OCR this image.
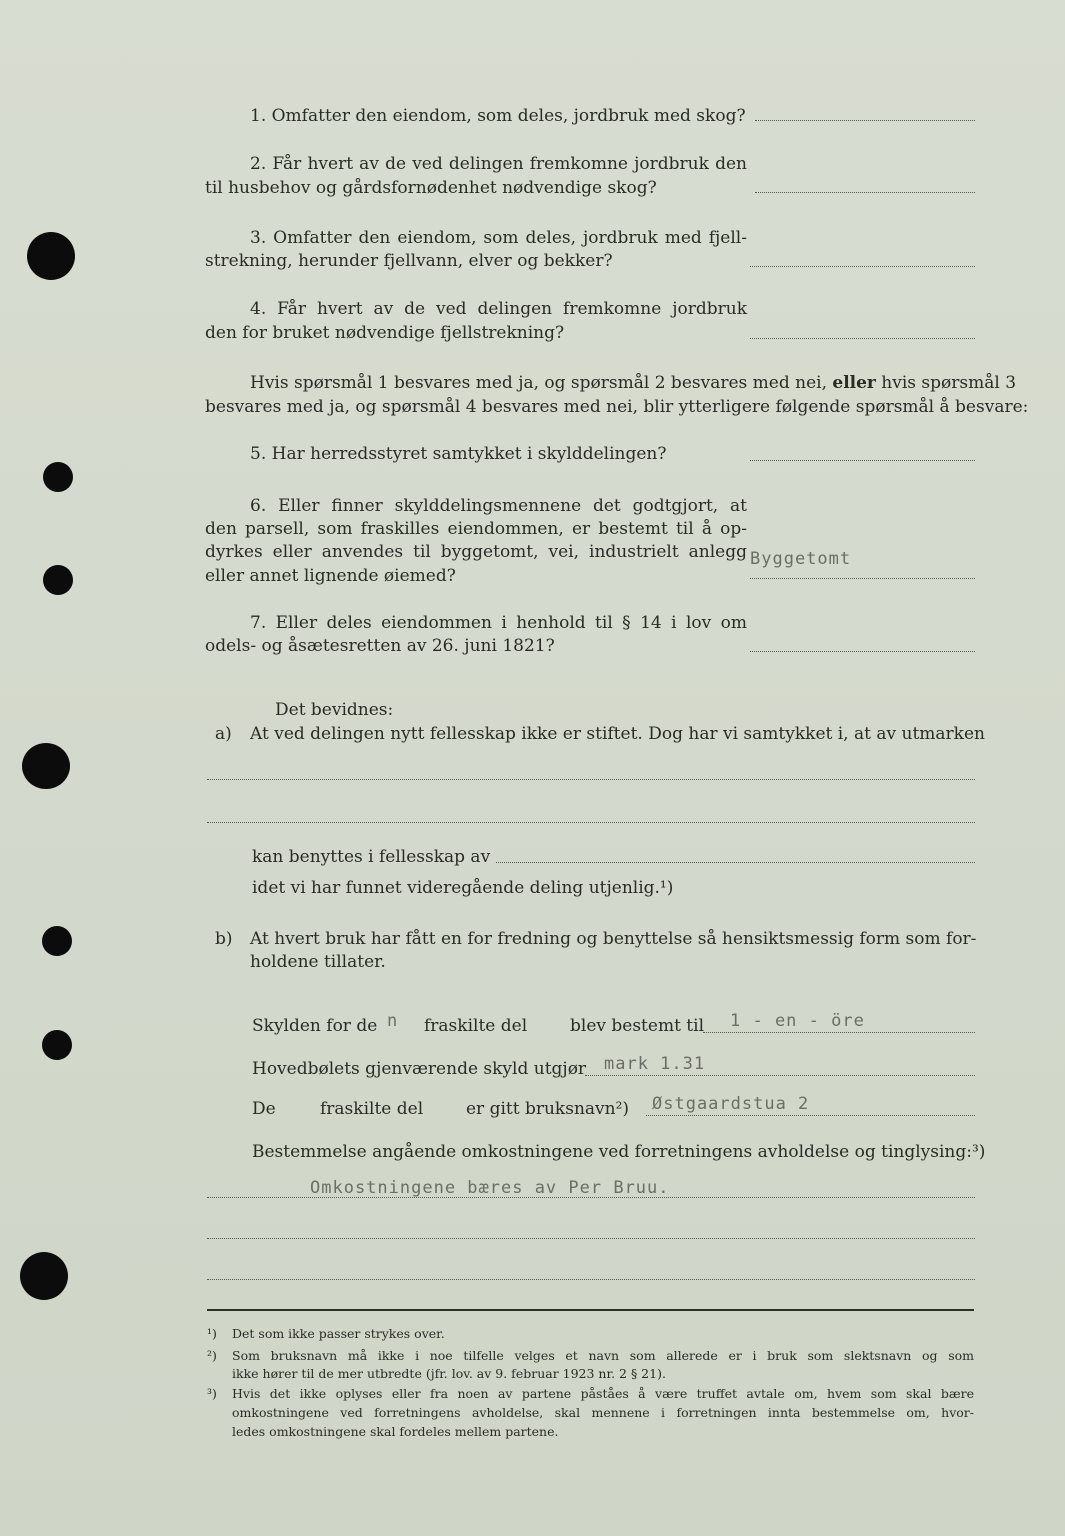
1. Omfatter den eiendom, som deles, jordbruk med skog?
2. Får hvert av de ved delingen fremkomne jordbruk den
til husbehov og gårdsfornødenhet nødvendige skog?
3. Omfatter den eiendom, som deles, jordbruk med fjell-
strekning, herunder fjellvann, elver og bekker?
4. Får hvert av de ved delingen fremkomne jordbruk
den for bruket nødvendige fjellstrekning?
Hvis spørsmål 1 besvares med ja, og spørsmål 2 besvares med nei, eller hvis spørsmål 3
besvares med ja, og spørsmål 4 besvares med nei, blir ytterligere følgende spørsmål å besvare:
5. Har herredsstyret samtykket i skylddelingen?
6. Eller finner skylddelingsmennene det godtgjort, at
den parsell, som fraskilles eiendommen, er bestemt til å op-
dyrkes eller anvendes til byggetomt, vei, industrielt anlegg
eller annet lignende øiemed?
Byggetomt
7. Eller deles eiendommen i henhold til § 14 i lov om
odels- og åsætesretten av 26. juni 1821?
Det bevidnes:
a) At ved delingen nytt fellesskap ikke er stiftet. Dog har vi samtykket i, at av utmarken
kan benyttes i fellesskap av
idet vi har funnet videregående deling utjenlig.¹)
b) At hvert bruk har fått en for fredning og benyttelse så hensiktsmessig form som for-
holdene tillater.
Skylden for de n fraskilte del	blev bestemt til 1 - en - öre
Hovedbølets gjenværende skyld utgjør mark 1.31
De	fraskilte del	er gitt bruksnavn²) Østgaardstua 2
Bestemmelse angående omkostningene ved forretningens avholdelse og tinglysing:³)
Omkostningene bæres av Per Bruu.
¹) Det som ikke passer strykes over.
²) Som bruksnavn må ikke i noe tilfelle velges et navn som allerede er i bruk som slektsnavn og som
ikke hører til de mer utbredte (jfr. lov. av 9. februar 1923 nr. 2 § 21).
³) Hvis det ikke oplyses eller fra noen av partene påståes å være truffet avtale om, hvem som skal bære
omkostningene ved forretningens avholdelse, skal mennene i forretningen innta bestemmelse om, hvor-
ledes omkostningene skal fordeles mellem partene.
